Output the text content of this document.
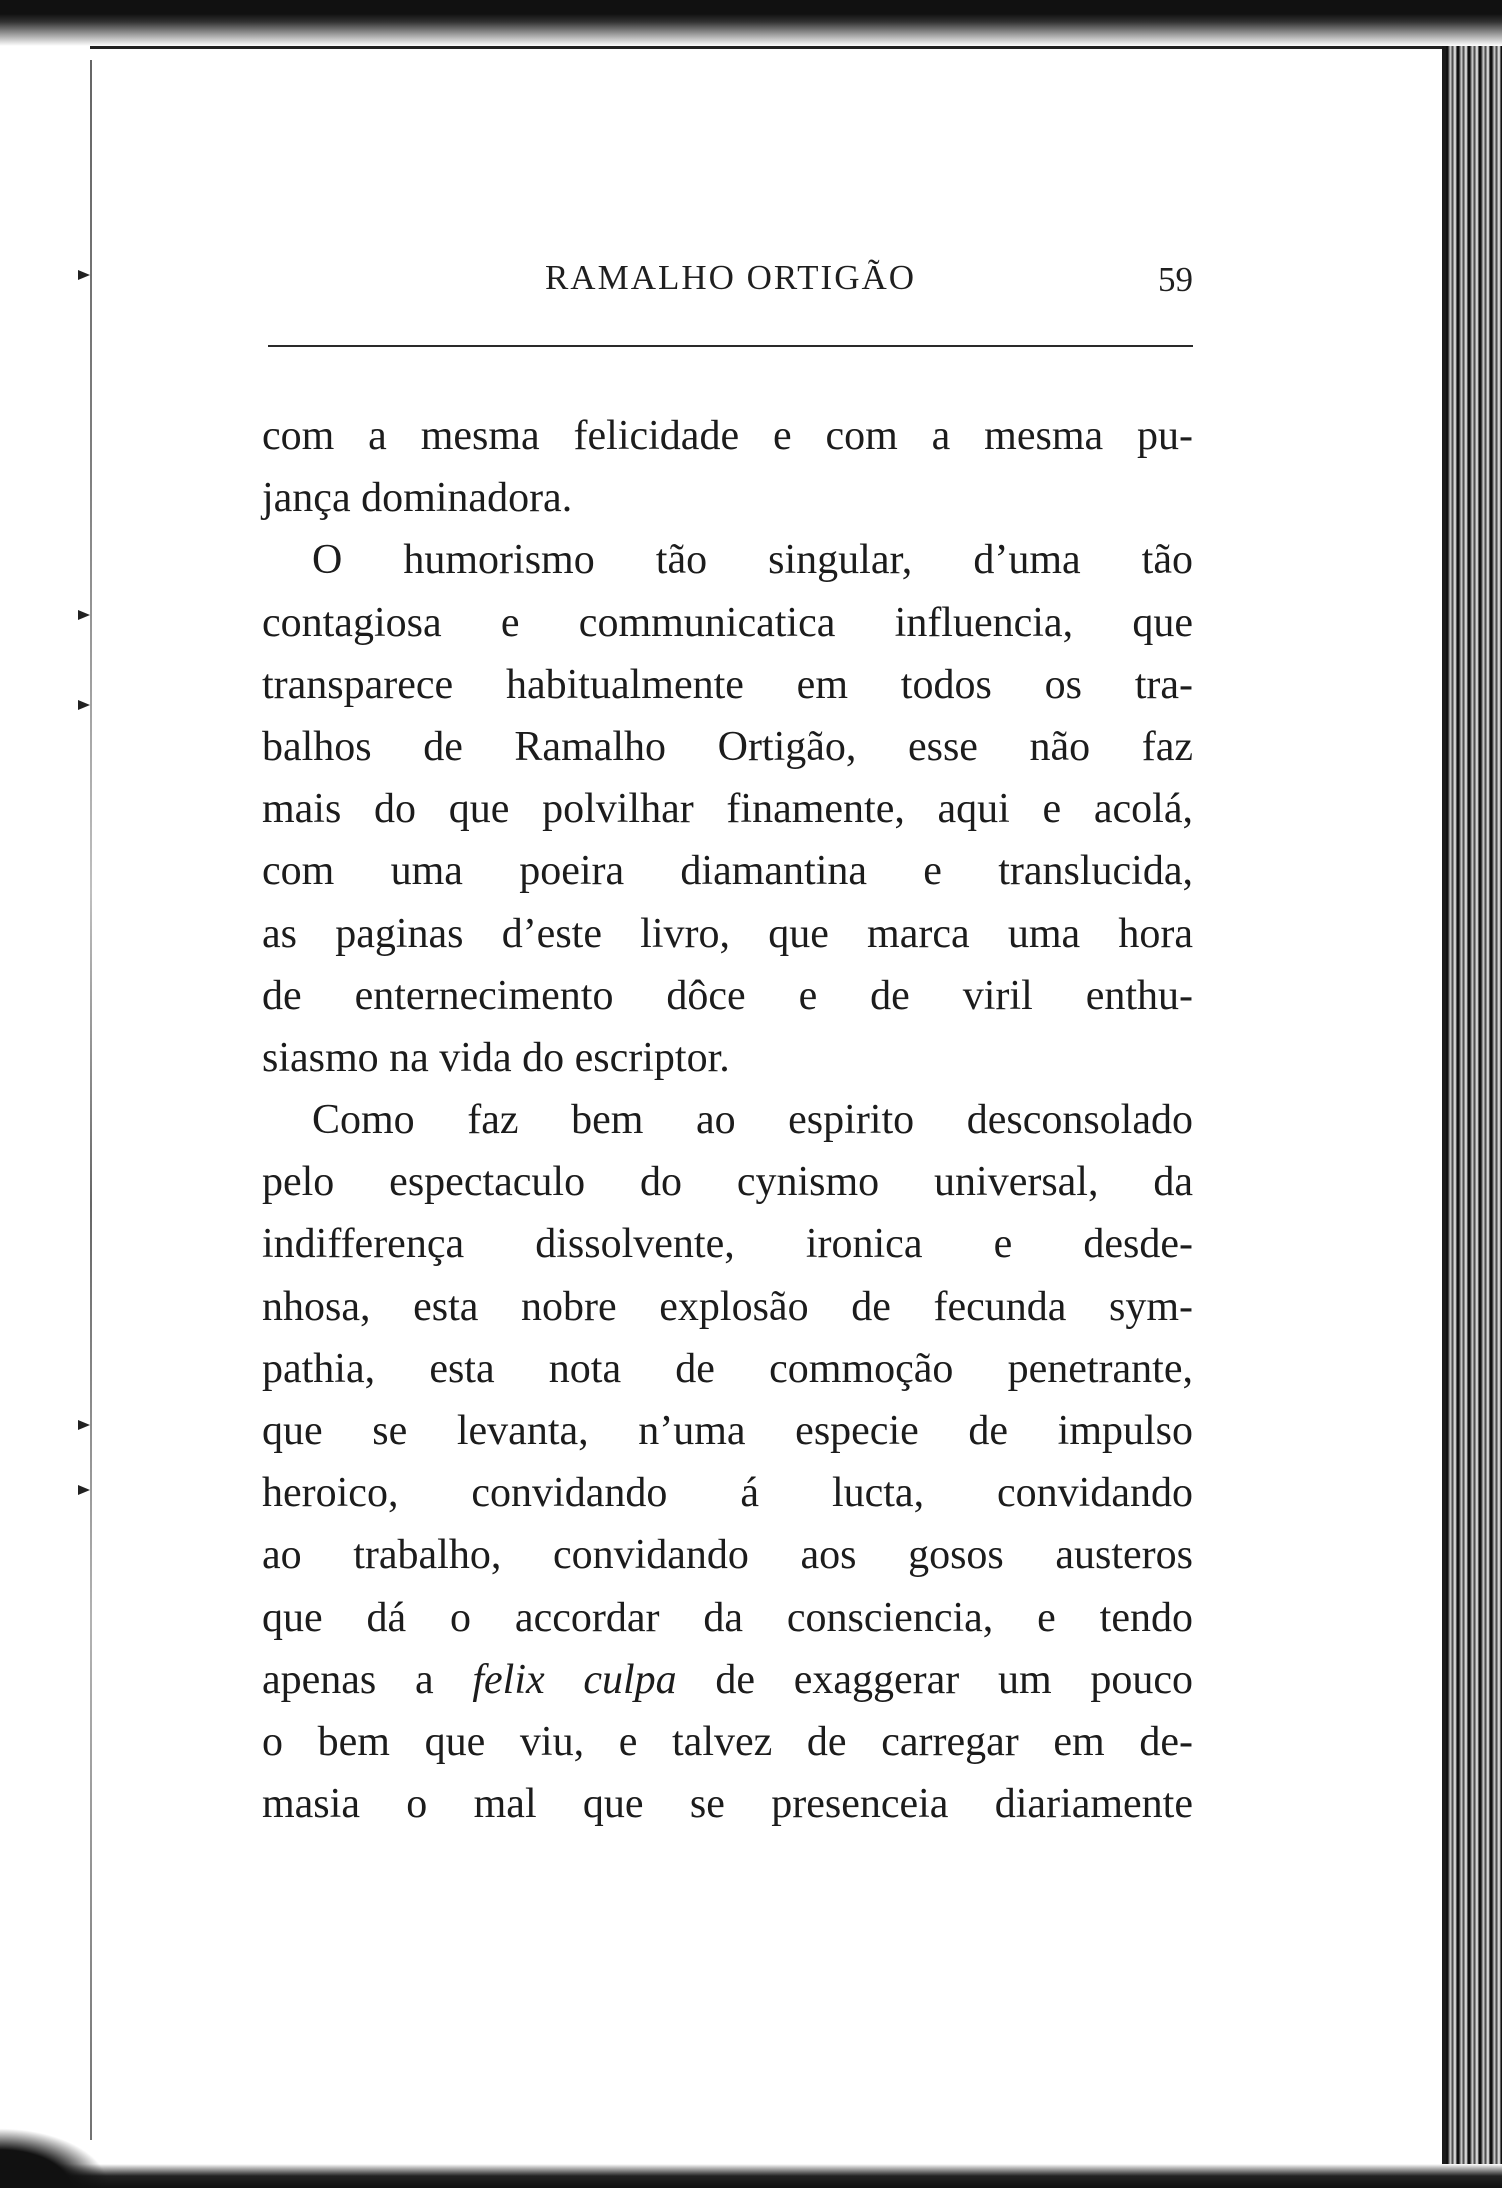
RAMALHO ORTIGÃO	59
com a mesma felicidade e com a mesma pu-
jança dominadora.
O humorismo tão singular, d’uma tão
contagiosa e communicatica influencia, que
transparece habitualmente em todos os tra-
balhos de Ramalho Ortigão, esse não faz
mais do que polvilhar finamente, aqui e acolá,
com uma poeira diamantina e translucida,
as paginas d’este livro, que marca uma hora
de enternecimento dôce e de viril enthu-
siasmo na vida do escriptor.
Como faz bem ao espirito desconsolado
pelo espectaculo do cynismo universal, da
indifferença dissolvente, ironica e desde-
nhosa, esta nobre explosão de fecunda sym-
pathia, esta nota de commoção penetrante,
que se levanta, n’uma especie de impulso
heroico, convidando á lucta, convidando
ao trabalho, convidando aos gosos austeros
que dá o accordar da consciencia, e tendo
apenas a felix culpa de exaggerar um pouco
o bem que viu, e talvez de carregar em de-
masia o mal que se presenceia diariamente
